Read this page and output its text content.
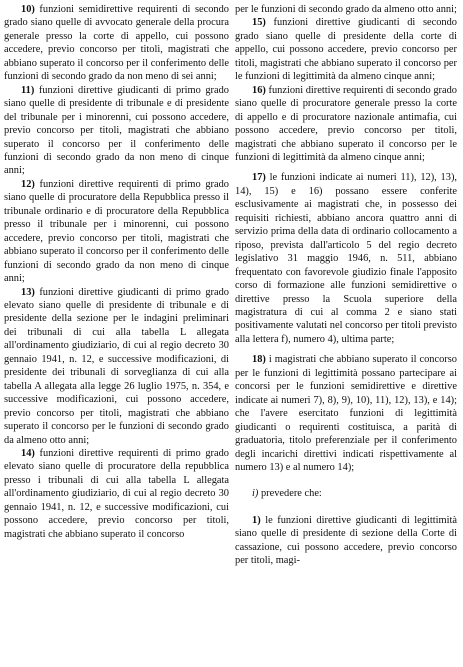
10) funzioni semidirettive requirenti di secondo grado siano quelle di avvocato generale della procura generale presso la corte di appello, cui possono accedere, previo concorso per titoli, magistrati che abbiano superato il concorso per il conferimento delle funzioni di secondo grado da non meno di sei anni;

11) funzioni direttive giudicanti di primo grado siano quelle di presidente di tribunale e di presidente del tribunale per i minorenni, cui possono accedere, previo concorso per titoli, magistrati che abbiano superato il concorso per il conferimento delle funzioni di secondo grado da non meno di cinque anni;

12) funzioni direttive requirenti di primo grado siano quelle di procuratore della Repubblica presso il tribunale ordinario e di procuratore della Repubblica presso il tribunale per i minorenni, cui possono accedere, previo concorso per titoli, magistrati che abbiano superato il concorso per il conferimento delle funzioni di secondo grado da non meno di cinque anni;

13) funzioni direttive giudicanti di primo grado elevato siano quelle di presidente di tribunale e di presidente della sezione per le indagini preliminari dei tribunali di cui alla tabella L allegata all'ordinamento giudiziario, di cui al regio decreto 30 gennaio 1941, n. 12, e successive modificazioni, di presidente dei tribunali di sorveglianza di cui alla tabella A allegata alla legge 26 luglio 1975, n. 354, e successive modificazioni, cui possono accedere, previo concorso per titoli, magistrati che abbiano superato il concorso per le funzioni di secondo grado da almeno otto anni;

14) funzioni direttive requirenti di primo grado elevato siano quelle di procuratore della repubblica presso i tribunali di cui alla tabella L allegata all'ordinamento giudiziario, di cui al regio decreto 30 gennaio 1941, n. 12, e successive modificazioni, cui possono accedere, previo concorso per titoli, magistrati che abbiano superato il concorso

per le funzioni di secondo grado da almeno otto anni;

15) funzioni direttive giudicanti di secondo grado siano quelle di presidente della corte di appello, cui possono accedere, previo concorso per titoli, magistrati che abbiano superato il concorso per le funzioni di legittimità da almeno cinque anni;

16) funzioni direttive requirenti di secondo grado siano quelle di procuratore generale presso la corte di appello e di procuratore nazionale antimafia, cui possono accedere, previo concorso per titoli, magistrati che abbiano superato il concorso per le funzioni di legittimità da almeno cinque anni;

17) le funzioni indicate ai numeri 11), 12), 13), 14), 15) e 16) possano essere conferite esclusivamente ai magistrati che, in possesso dei requisiti richiesti, abbiano ancora quattro anni di servizio prima della data di ordinario collocamento a riposo, prevista dall'articolo 5 del regio decreto legislativo 31 maggio 1946, n. 511, abbiano frequentato con favorevole giudizio finale l'apposito corso di formazione alle funzioni semidirettive o direttive presso la Scuola superiore della magistratura di cui al comma 2 e siano stati positivamente valutati nel concorso per titoli previsto alla lettera f), numero 4), ultima parte;

18) i magistrati che abbiano superato il concorso per le funzioni di legittimità possano partecipare ai concorsi per le funzioni semidirettive e direttive indicate ai numeri 7), 8), 9), 10), 11), 12), 13), e 14); che l'avere esercitato funzioni di legittimità giudicanti o requirenti costituisca, a parità di graduatoria, titolo preferenziale per il conferimento degli incarichi direttivi indicati rispettivamente al numero 13) e al numero 14);

i) prevedere che:

1) le funzioni direttive giudicanti di legittimità siano quelle di presidente di sezione della Corte di cassazione, cui possono accedere, previo concorso per titoli, magi-
